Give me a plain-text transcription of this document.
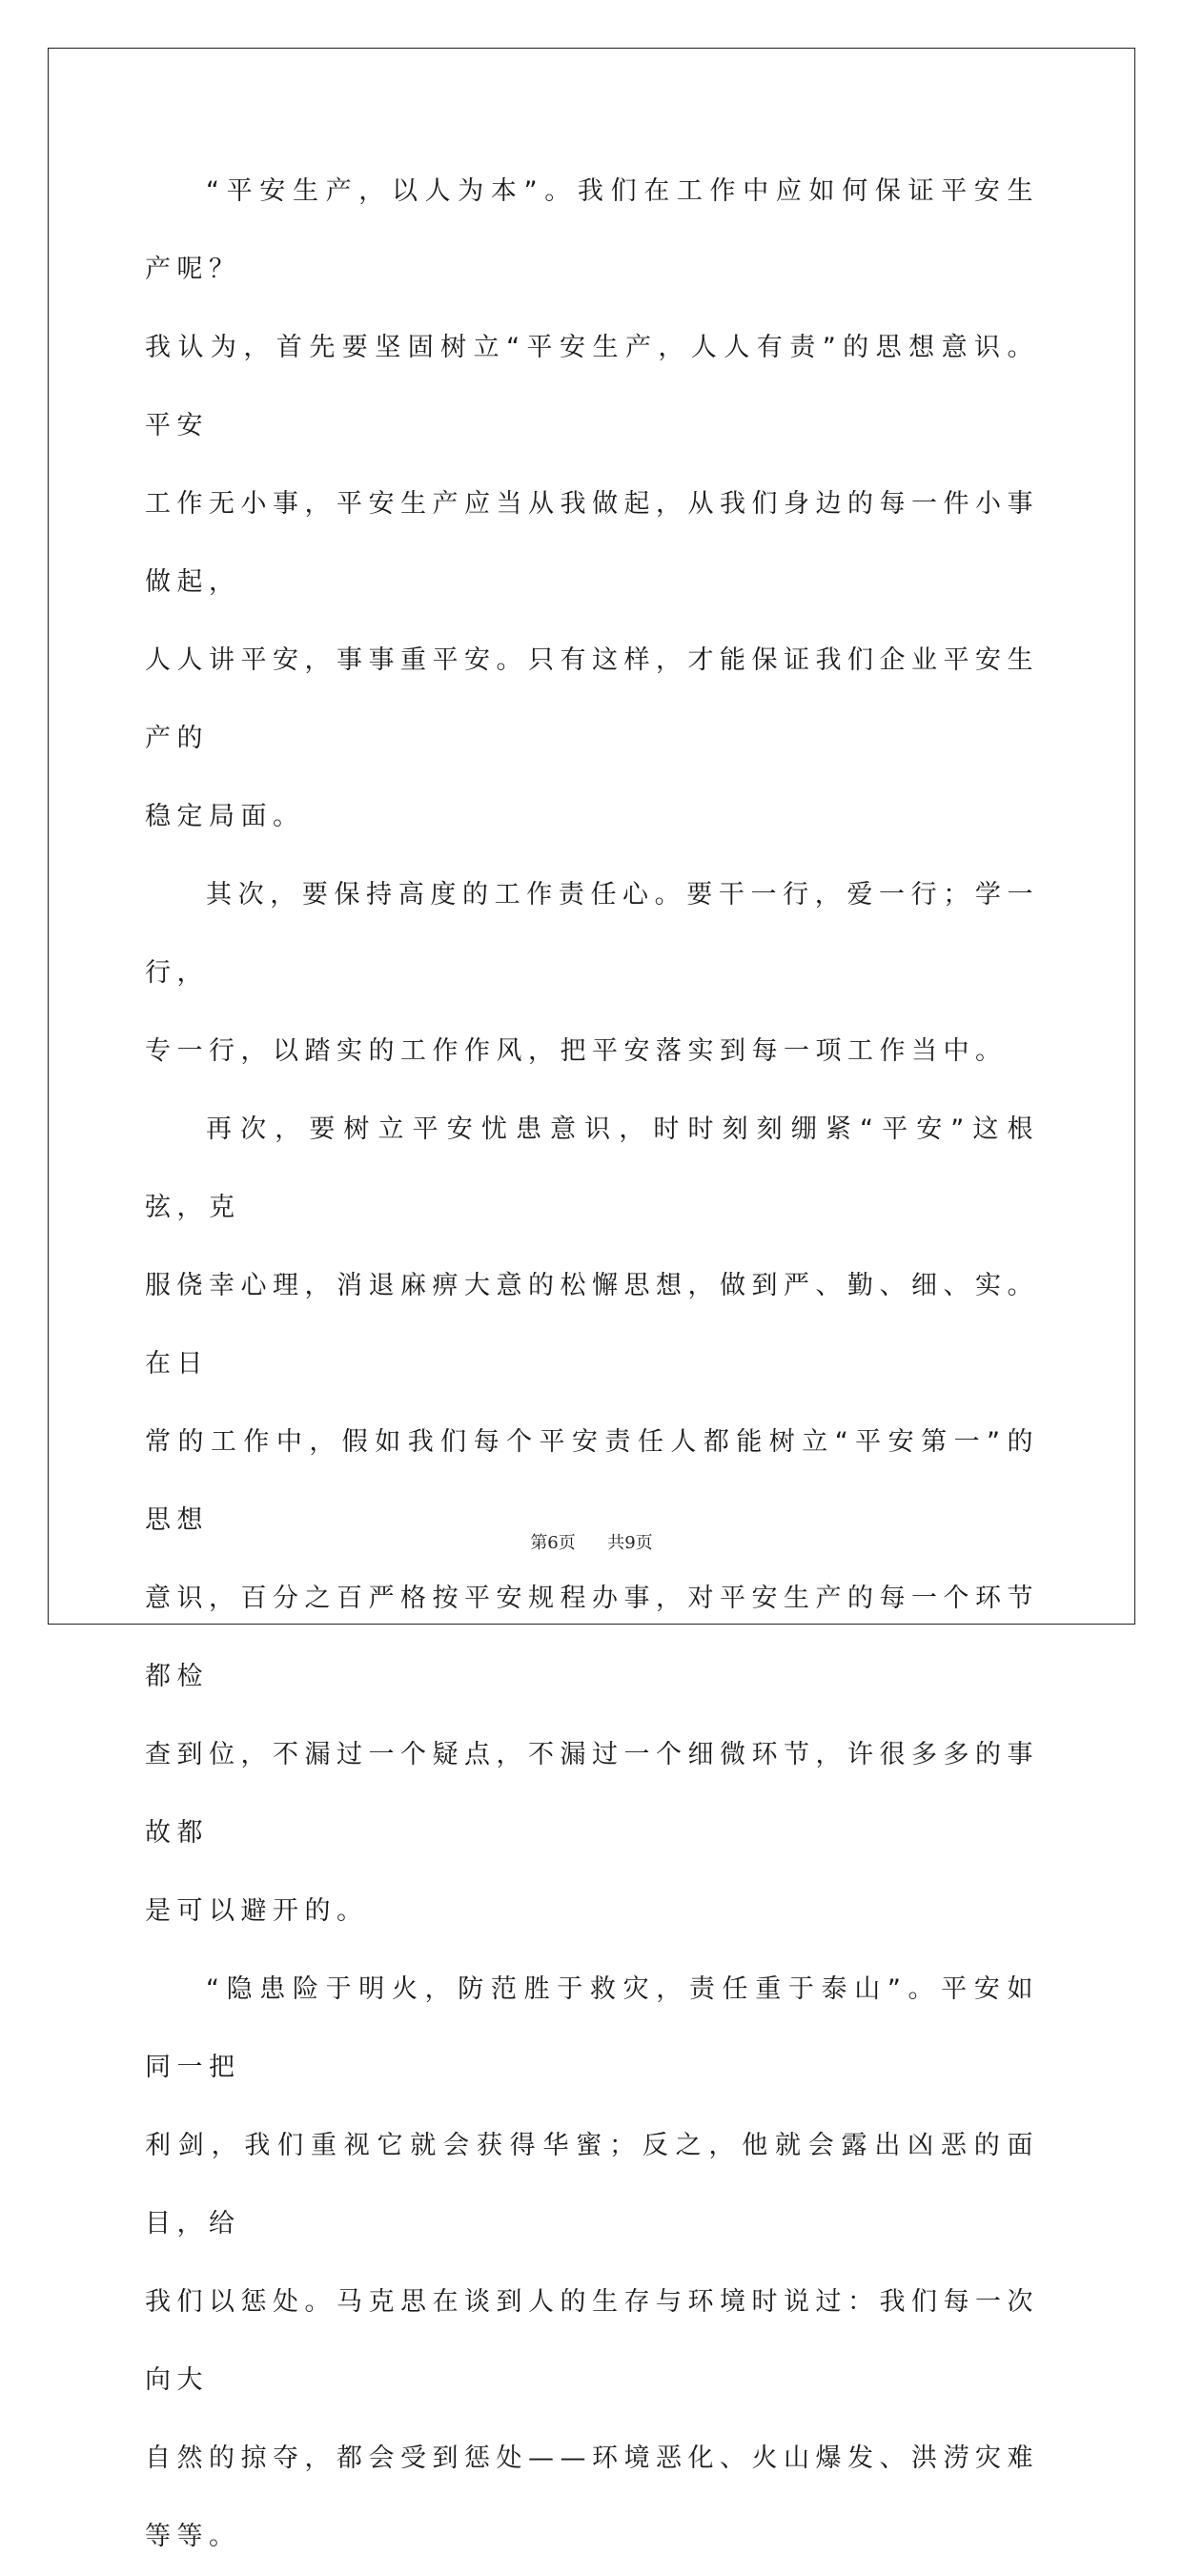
“平安生产，以人为本”。我们在工作中应如何保证平安生产呢？
我认为，首先要坚固树立“平安生产，人人有责”的思想意识。平安
工作无小事，平安生产应当从我做起，从我们身边的每一件小事做起，
人人讲平安，事事重平安。只有这样，才能保证我们企业平安生产的
稳定局面。

其次，要保持高度的工作责任心。要干一行，爱一行；学一行，
专一行，以踏实的工作作风，把平安落实到每一项工作当中。

再次，要树立平安忧患意识，时时刻刻绷紧“平安”这根弦，克
服侥幸心理，消退麻痹大意的松懈思想，做到严、勤、细、实。在日
常的工作中，假如我们每个平安责任人都能树立“平安第一”的思想
意识，百分之百严格按平安规程办事，对平安生产的每一个环节都检
查到位，不漏过一个疑点，不漏过一个细微环节，许很多多的事故都
是可以避开的。

“隐患险于明火，防范胜于救灾，责任重于泰山”。平安如同一把
利剑，我们重视它就会获得华蜜；反之，他就会露出凶恶的面目，给
我们以惩处。马克思在谈到人的生存与环境时说过：我们每一次向大
自然的掠夺，都会受到惩处——环境恶化、火山爆发、洪涝灾难等等。

第6页 共9页
